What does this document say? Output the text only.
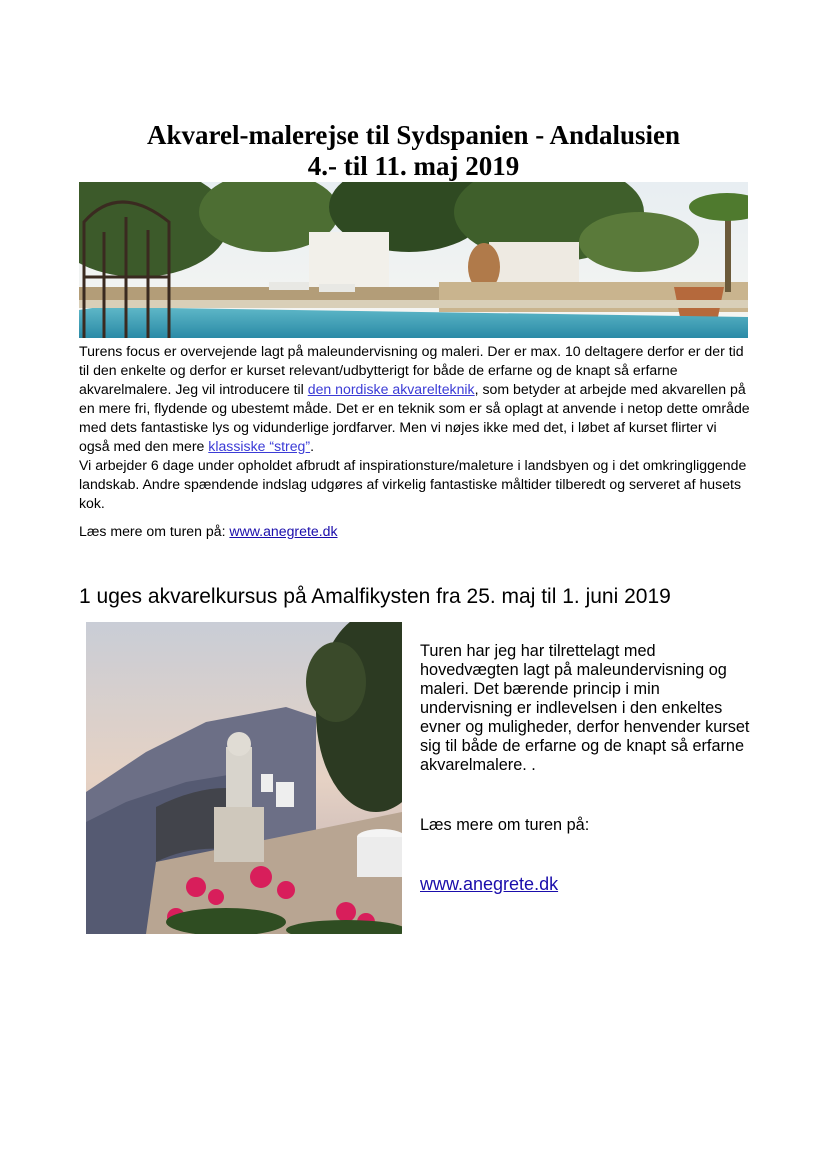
Akvarel-malerejse til Sydspanien - Andalusien
4.- til 11. maj 2019

Turens focus er overvejende lagt på maleundervisning og maleri. Der er max. 10 deltagere derfor er der tid til den enkelte og derfor er kurset relevant/udbytterigt for både de erfarne og de knapt så erfarne akvarelmalere. Jeg vil introducere til den nordiske akvarelteknik, som betyder at arbejde med akvarellen på en mere fri, flydende og ubestemt måde. Det er en teknik som er så oplagt at anvende i netop dette område med dets fantastiske lys og vidunderlige jordfarver. Men vi nøjes ikke med det, i løbet af kurset flirter vi også med den mere klassiske “streg”.

Vi arbejder 6 dage under opholdet afbrudt af inspirationsture/maleture i landsbyen og i det omkringliggende landskab. Andre spændende indslag udgøres af virkelig fantastiske måltider tilberedt og serveret af husets kok.

Læs mere om turen på: www.anegrete.dk

1 uges akvarelkursus på Amalfikysten fra 25. maj til 1. juni 2019

Turen har jeg har tilrettelagt med hovedvægten lagt på maleundervisning og maleri. Det bærende princip i min undervisning er indlevelsen i den enkeltes evner og muligheder, derfor henvender kurset sig til både de erfarne og de knapt så erfarne akvarelmalere. .

Læs mere om turen på:

www.anegrete.dk
